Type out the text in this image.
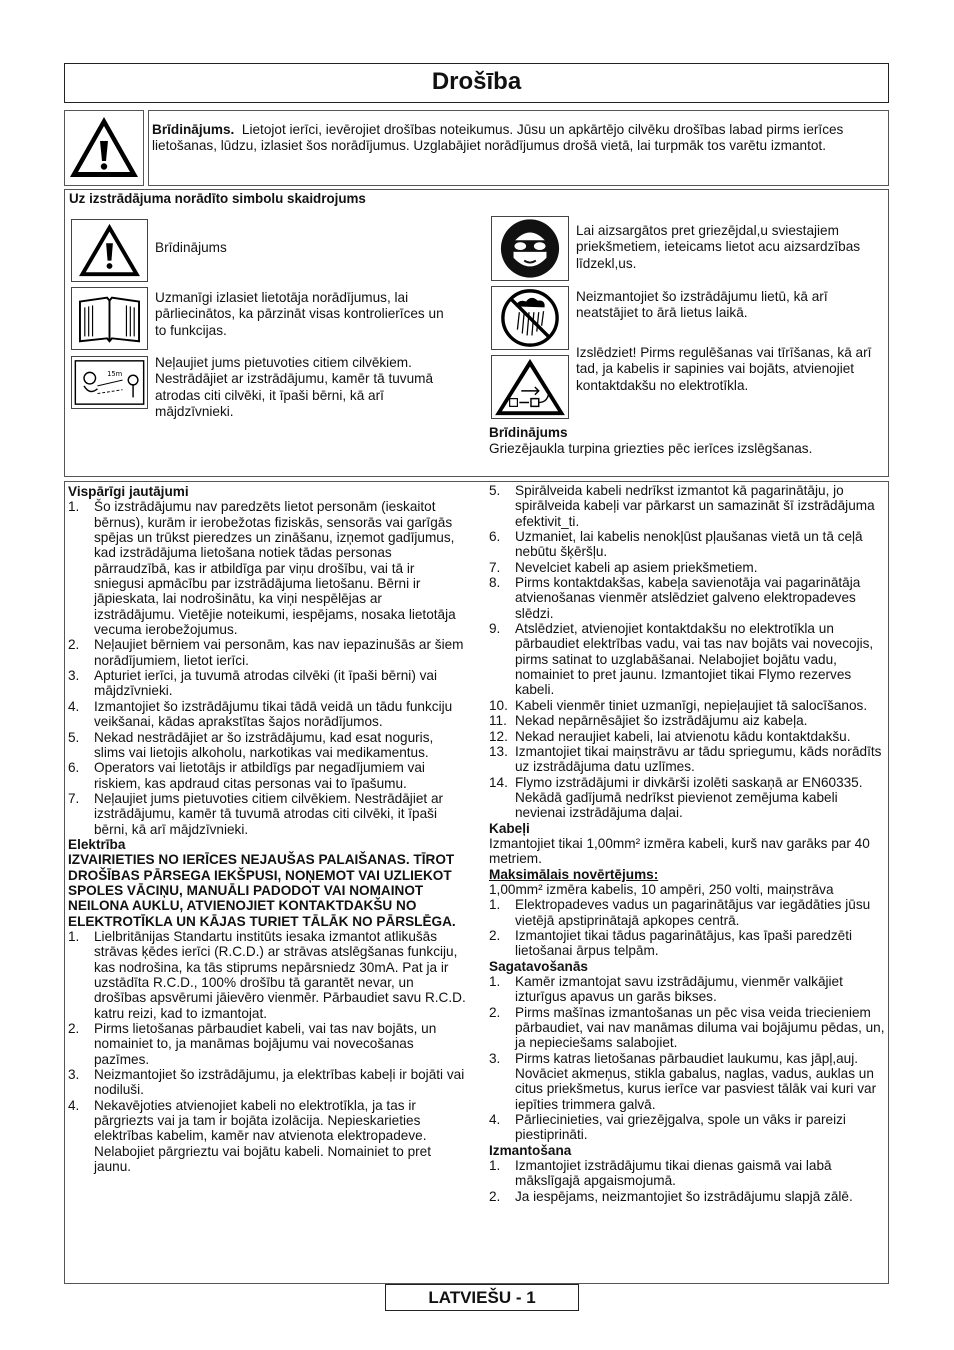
Drošība
Brīdinājums. Lietojot ierīci, ievērojiet drošības noteikumus. Jūsu un apkārtējo cilvēku drošības labad pirms ierīces lietošanas, lūdzu, izlasiet šos norādījumus. Uzglabājiet norādījumus drošā vietā, lai turpmāk tos varētu izmantot.
Uz izstrādājuma norādīto simbolu skaidrojums
Brīdinājums
Uzmanīgi izlasiet lietotāja norādījumus, lai pārliecinātos, ka pārzināt visas kontrolierīces un to funkcijas.
15m
Neļaujiet jums pietuvoties citiem cilvēkiem. Nestrādājiet ar izstrādājumu, kamēr tā tuvumā atrodas citi cilvēki, it īpaši bērni, kā arī mājdzīvnieki.
Lai aizsargātos pret griezējdal,u sviestajiem priekšmetiem, ieteicams lietot acu aizsardzības līdzekl,us.
Neizmantojiet šo izstrādājumu lietū, kā arī neatstājiet to ārā lietus laikā.
Izslēdziet! Pirms regulēšanas vai tīrīšanas, kā arī tad, ja kabelis ir sapinies vai bojāts, atvienojiet kontaktdakšu no elektrotīkla.
Brīdinājums
Griezējaukla turpina griezties pēc ierīces izslēgšanas.

Vispārīgi jautājumi

1. Šo izstrādājumu nav paredzēts lietot personām (ieskaitot bērnus), kurām ir ierobežotas fiziskās, sensorās vai garīgās spējas un trūkst pieredzes un zināšanu, izņemot gadījumus, kad izstrādājuma lietošana notiek tādas personas pārraudzībā, kas ir atbildīga par viņu drošību, vai tā ir sniegusi apmācību par izstrādājuma lietošanu. Bērni ir jāpieskata, lai nodrošinātu, ka viņi nespēlējas ar izstrādājumu. Vietējie noteikumi, iespējams, nosaka lietotāja vecuma ierobežojumus.
2. Neļaujiet bērniem vai personām, kas nav iepazinušās ar šiem norādījumiem, lietot ierīci.
3. Apturiet ierīci, ja tuvumā atrodas cilvēki (it īpaši bērni) vai mājdzīvnieki.
4. Izmantojiet šo izstrādājumu tikai tādā veidā un tādu funkciju veikšanai, kādas aprakstītas šajos norādījumos.
5. Nekad nestrādājiet ar šo izstrādājumu, kad esat noguris, slims vai lietojis alkoholu, narkotikas vai medikamentus.
6. Operators vai lietotājs ir atbildīgs par negadījumiem vai riskiem, kas apdraud citas personas vai to īpašumu.
7. Neļaujiet jums pietuvoties citiem cilvēkiem. Nestrādājiet ar izstrādājumu, kamēr tā tuvumā atrodas citi cilvēki, it īpaši bērni, kā arī mājdzīvnieki.

Elektrība

IZVAIRIETIES NO IERĪCES NEJAUŠAS PALAIŠANAS. TĪROT DROŠĪBAS PĀRSEGA IEKŠPUSI, NOŅEMOT VAI UZLIEKOT SPOLES VĀCIŅU, MANUĀLI PADODOT VAI NOMAINOT NEILONA AUKLU, ATVIENOJIET KONTAKTDAKŠU NO ELEKTROTĪKLA UN KĀJAS TURIET TĀLĀK NO PĀRSLĒGA.

1. Lielbritānijas Standartu institūts iesaka izmantot atlikušās strāvas ķēdes ierīci (R.C.D.) ar strāvas atslēgšanas funkciju, kas nodrošina, ka tās stiprums nepārsniedz 30mA. Pat ja ir uzstādīta R.C.D., 100% drošību tā garantēt nevar, un drošības apsvērumi jāievēro vienmēr. Pārbaudiet savu R.C.D. katru reizi, kad to izmantojat.
2. Pirms lietošanas pārbaudiet kabeli, vai tas nav bojāts, un nomainiet to, ja manāmas bojājumu vai novecošanas pazīmes.
3. Neizmantojiet šo izstrādājumu, ja elektrības kabeļi ir bojāti vai nodiluši.
4. Nekavējoties atvienojiet kabeli no elektrotīkla, ja tas ir pārgriezts vai ja tam ir bojāta izolācija. Nepieskarieties elektrības kabelim, kamēr nav atvienota elektropadeve. Nelabojiet pārgrieztu vai bojātu kabeli. Nomainiet to pret jaunu.
5. Spirālveida kabeli nedrīkst izmantot kā pagarinātāju, jo spirālveida kabeļi var pārkarst un samazināt šī izstrādājuma efektivit_ti.
6. Uzmaniet, lai kabelis nenokļūst pļaušanas vietā un tā ceļā nebūtu šķēršļu.
7. Nevelciet kabeli ap asiem priekšmetiem.
8. Pirms kontaktdakšas, kabeļa savienotāja vai pagarinātāja atvienošanas vienmēr atslēdziet galveno elektropadeves slēdzi.
9. Atslēdziet, atvienojiet kontaktdakšu no elektrotīkla un pārbaudiet elektrības vadu, vai tas nav bojāts vai novecojis, pirms satinat to uzglabāšanai. Nelabojiet bojātu vadu, nomainiet to pret jaunu. Izmantojiet tikai Flymo rezerves kabeli.
10. Kabeli vienmēr tiniet uzmanīgi, nepieļaujiet tā salocīšanos.
11. Nekad nepārnēsājiet šo izstrādājumu aiz kabeļa.
12. Nekad neraujiet kabeli, lai atvienotu kādu kontaktdakšu.
13. Izmantojiet tikai maiņstrāvu ar tādu spriegumu, kāds norādīts uz izstrādājuma datu uzlīmes.
14. Flymo izstrādājumi ir divkārši izolēti saskaņā ar EN60335. Nekādā gadījumā nedrīkst pievienot zemējuma kabeli nevienai izstrādājuma daļai.

Kabeļi

Izmantojiet tikai 1,00mm² izmēra kabeli, kurš nav garāks par 40 metriem.

Maksimālais novērtējums:

1,00mm² izmēra kabelis, 10 ampēri, 250 volti, maiņstrāva

1. Elektropadeves vadus un pagarinātājus var iegādāties jūsu vietējā apstiprinātajā apkopes centrā.
2. Izmantojiet tikai tādus pagarinātājus, kas īpaši paredzēti lietošanai ārpus telpām.

Sagatavošanās

1. Kamēr izmantojat savu izstrādājumu, vienmēr valkājiet izturīgus apavus un garās bikses.
2. Pirms mašīnas izmantošanas un pēc visa veida triecieniem pārbaudiet, vai nav manāmas diluma vai bojājumu pēdas, un, ja nepieciešams salabojiet.
3. Pirms katras lietošanas pārbaudiet laukumu, kas jāpļ,auj. Novāciet akmeņus, stikla gabalus, naglas, vadus, auklas un citus priekšmetus, kurus ierīce var pasviest tālāk vai kuri var iepīties trimmera galvā.
4. Pārliecinieties, vai griezējgalva, spole un vāks ir pareizi piestiprināti.

Izmantošana

1. Izmantojiet izstrādājumu tikai dienas gaismā vai labā mākslīgajā apgaismojumā.
2. Ja iespējams, neizmantojiet šo izstrādājumu slapjā zālē.
LATVIEŠU - 1
